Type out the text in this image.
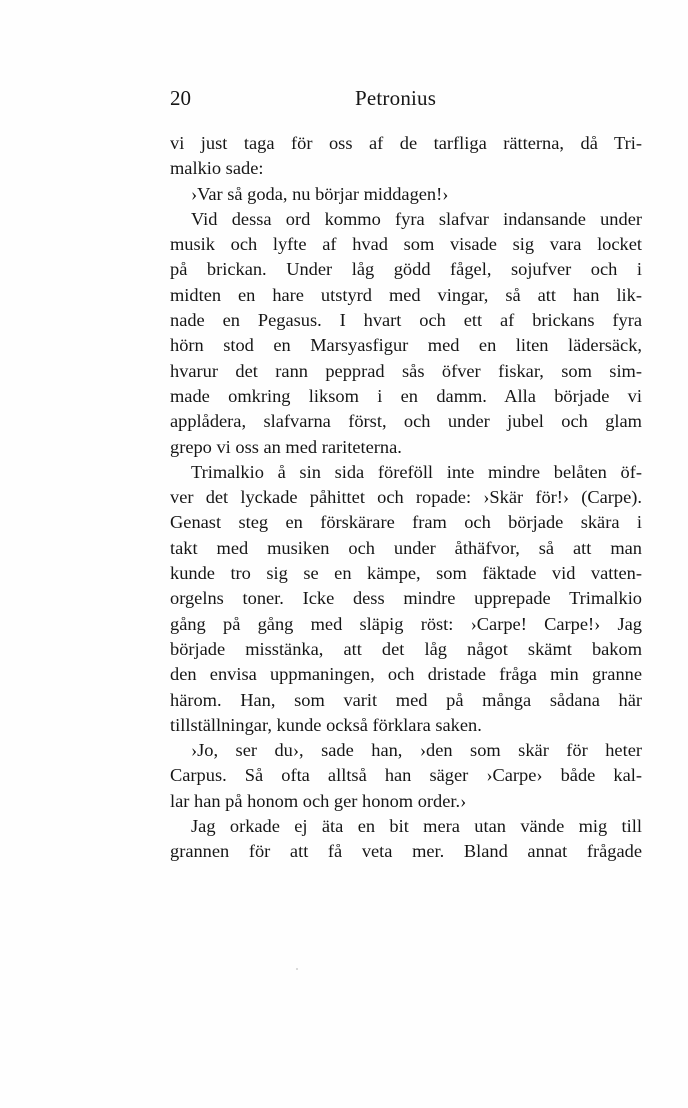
20	Petronius
vi just taga för oss af de tarfliga rätterna, då Tri-
malkio sade:
›Var så goda, nu börjar middagen!›
Vid dessa ord kommo fyra slafvar indansande under
musik och lyfte af hvad som visade sig vara locket
på brickan. Under låg gödd fågel, sojufver och i
midten en hare utstyrd med vingar, så att han lik-
nade en Pegasus. I hvart och ett af brickans fyra
hörn stod en Marsyasfigur med en liten lädersäck,
hvarur det rann pepprad sås öfver fiskar, som sim-
made omkring liksom i en damm. Alla började vi
applådera, slafvarna först, och under jubel och glam
grepo vi oss an med rariteterna.
Trimalkio å sin sida föreföll inte mindre belåten öf-
ver det lyckade påhittet och ropade: ›Skär för!› (Carpe).
Genast steg en förskärare fram och började skära i
takt med musiken och under åthäfvor, så att man
kunde tro sig se en kämpe, som fäktade vid vatten-
orgelns toner. Icke dess mindre upprepade Trimalkio
gång på gång med släpig röst: ›Carpe! Carpe!› Jag
började misstänka, att det låg något skämt bakom
den envisa uppmaningen, och dristade fråga min granne
härom. Han, som varit med på många sådana här
tillställningar, kunde också förklara saken.
›Jo, ser du›, sade han, ›den som skär för heter
Carpus. Så ofta alltså han säger ›Carpe› både kal-
lar han på honom och ger honom order.›
Jag orkade ej äta en bit mera utan vände mig till
grannen för att få veta mer. Bland annat frågade
